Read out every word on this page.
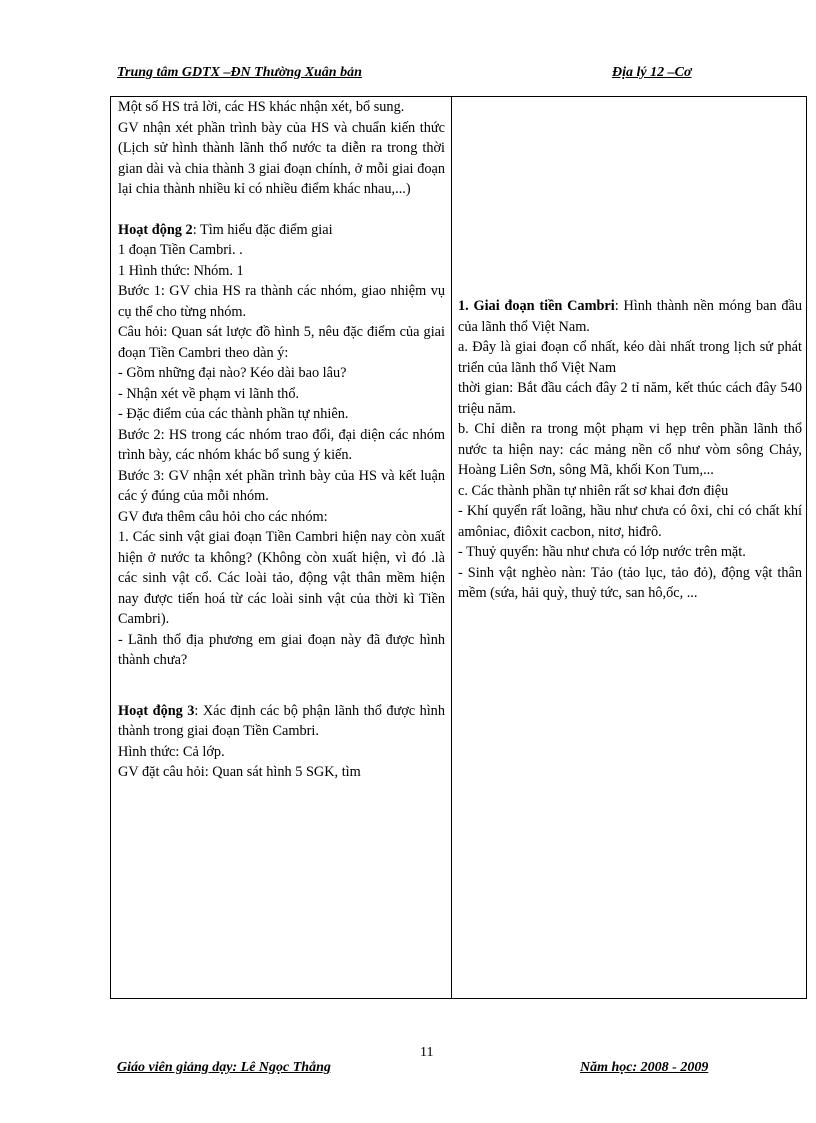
Trung tâm GDTX –ĐN Thường Xuân bản	Địa lý 12 –Cơ

Một số HS trả lời, các HS khác nhận xét, bổ sung.

GV nhận xét phần trình bày của HS và chuẩn kiến thức (Lịch sử hình thành lãnh thổ nước ta diễn ra trong thời gian dài và chia thành 3 giai đoạn chính, ở mỗi giai đoạn lại chia thành nhiều kỉ có nhiều điểm khác nhau,...)

Hoạt động 2: Tìm hiểu đặc điểm giai

1 đoạn Tiền Cambri. .

1 Hình thức: Nhóm. 1

Bước 1: GV chia HS ra thành các nhóm, giao nhiệm vụ cụ thể cho từng nhóm.

Câu hỏi: Quan sát lược đồ hình 5, nêu đặc điểm của giai đoạn Tiền Cambri theo dàn ý:

- Gồm những đại nào? Kéo dài bao lâu?

- Nhận xét về phạm vi lãnh thổ.

- Đặc điểm của các thành phần tự nhiên.

Bước 2: HS trong các nhóm trao đổi, đại diện các nhóm trình bày, các nhóm khác bổ sung ý kiến.

Bước 3: GV nhận xét phần trình bày của HS và kết luận các ý đúng của mỗi nhóm.

GV đưa thêm câu hỏi cho các nhóm:

1. Các sinh vật giai đoạn Tiền Cambri hiện nay còn xuất hiện ở nước ta không? (Không còn xuất hiện, vì đó .là các sinh vật cổ. Các loài tảo, động vật thân mềm hiện nay được tiến hoá từ các loài sinh vật của thời kì Tiền Cambri).

- Lãnh thổ địa phương em giai đoạn này đã được hình thành chưa?

Hoạt động 3: Xác định các bộ phận lãnh thổ được hình thành trong giai đoạn Tiền Cambri.

Hình thức: Cả lớp.

GV đặt câu hỏi: Quan sát hình 5 SGK, tìm

1. Giai đoạn tiền Cambri: Hình thành nền móng ban đầu của lãnh thổ Việt Nam.

a. Đây là giai đoạn cổ nhất, kéo dài nhất trong lịch sử phát triển của lãnh thổ Việt Nam

thời gian: Bắt đầu cách đây 2 tỉ năm, kết thúc cách đây 540 triệu năm.

b. Chỉ diễn ra trong một phạm vi hẹp trên phần lãnh thổ nước ta hiện nay: các mảng nền cổ như vòm sông Chảy, Hoàng Liên Sơn, sông Mã, khối Kon Tum,...

c. Các thành phần tự nhiên rất sơ khai đơn điệu

- Khí quyển rất loãng, hầu như chưa có ôxi, chỉ có chất khí amôniac, điôxit cacbon, nitơ, hiđrô.

- Thuỷ quyển: hầu như chưa có lớp nước trên mặt.

- Sinh vật nghèo nàn: Tảo (tảo lục, tảo đỏ), động vật thân mềm (sứa, hải quỳ, thuỷ tức, san hô,ốc, ...

11
Giáo viên giảng dạy: Lê Ngọc Thắng	Năm học: 2008 - 2009
